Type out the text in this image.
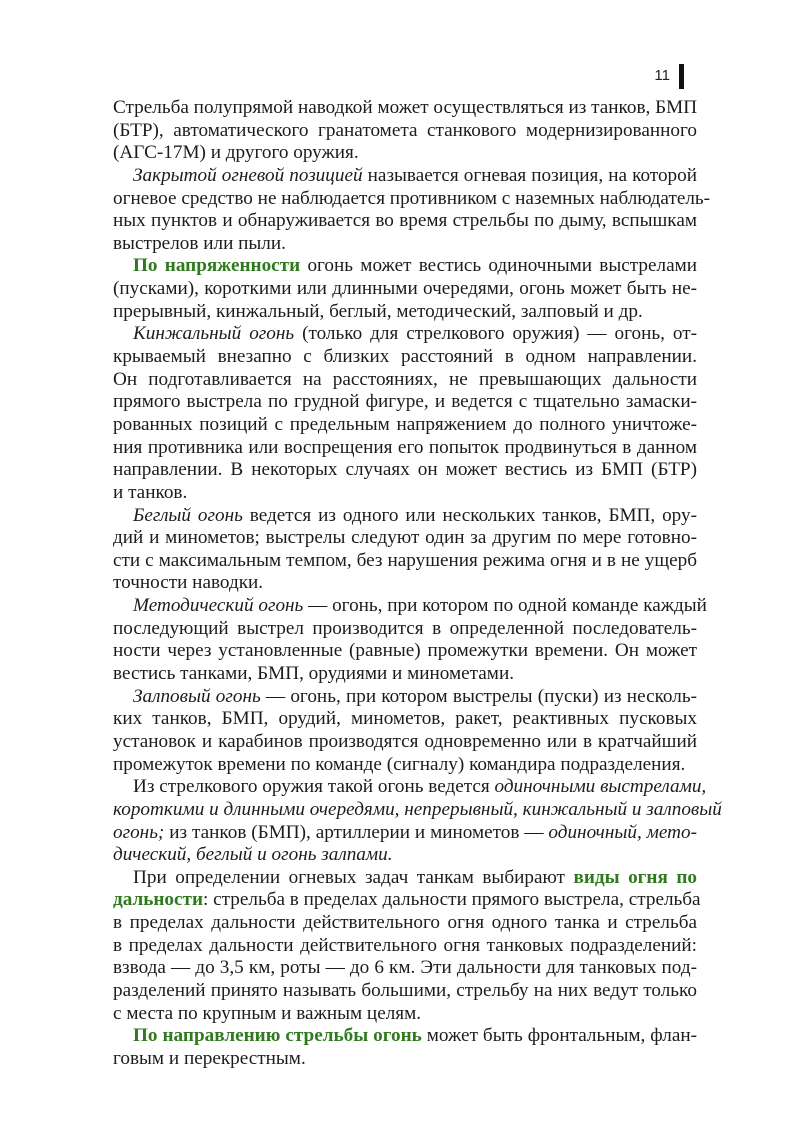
11
Стрельба полупрямой наводкой может осуществляться из танков, БМП
(БТР), автоматического гранатомета станкового модернизированного
(АГС-17М) и другого оружия.
Закрытой огневой позицией называется огневая позиция, на которой
огневое средство не наблюдается противником с наземных наблюдатель-
ных пунктов и обнаруживается во время стрельбы по дыму, вспышкам
выстрелов или пыли.
По напряженности огонь может вестись одиночными выстрелами
(пусками), короткими или длинными очередями, огонь может быть не-
прерывный, кинжальный, беглый, методический, залповый и др.
Кинжальный огонь (только для стрелкового оружия) — огонь, от-
крываемый внезапно с близких расстояний в одном направлении.
Он подготавливается на расстояниях, не превышающих дальности
прямого выстрела по грудной фигуре, и ведется с тщательно замаски-
рованных позиций с предельным напряжением до полного уничтоже-
ния противника или воспрещения его попыток продвинуться в данном
направлении. В некоторых случаях он может вестись из БМП (БТР)
и танков.
Беглый огонь ведется из одного или нескольких танков, БМП, ору-
дий и минометов; выстрелы следуют один за другим по мере готовно-
сти с максимальным темпом, без нарушения режима огня и в не ущерб
точности наводки.
Методический огонь — огонь, при котором по одной команде каждый
последующий выстрел производится в определенной последователь-
ности через установленные (равные) промежутки времени. Он может
вестись танками, БМП, орудиями и минометами.
Залповый огонь — огонь, при котором выстрелы (пуски) из несколь-
ких танков, БМП, орудий, минометов, ракет, реактивных пусковых
установок и карабинов производятся одновременно или в кратчайший
промежуток времени по команде (сигналу) командира подразделения.
Из стрелкового оружия такой огонь ведется одиночными выстрелами,
короткими и длинными очередями, непрерывный, кинжальный и залповый
огонь; из танков (БМП), артиллерии и минометов — одиночный, мето-
дический, беглый и огонь залпами.
При определении огневых задач танкам выбирают виды огня по
дальности: стрельба в пределах дальности прямого выстрела, стрельба
в пределах дальности действительного огня одного танка и стрельба
в пределах дальности действительного огня танковых подразделений:
взвода — до 3,5 км, роты — до 6 км. Эти дальности для танковых под-
разделений принято называть большими, стрельбу на них ведут только
с места по крупным и важным целям.
По направлению стрельбы огонь может быть фронтальным, флан-
говым и перекрестным.
